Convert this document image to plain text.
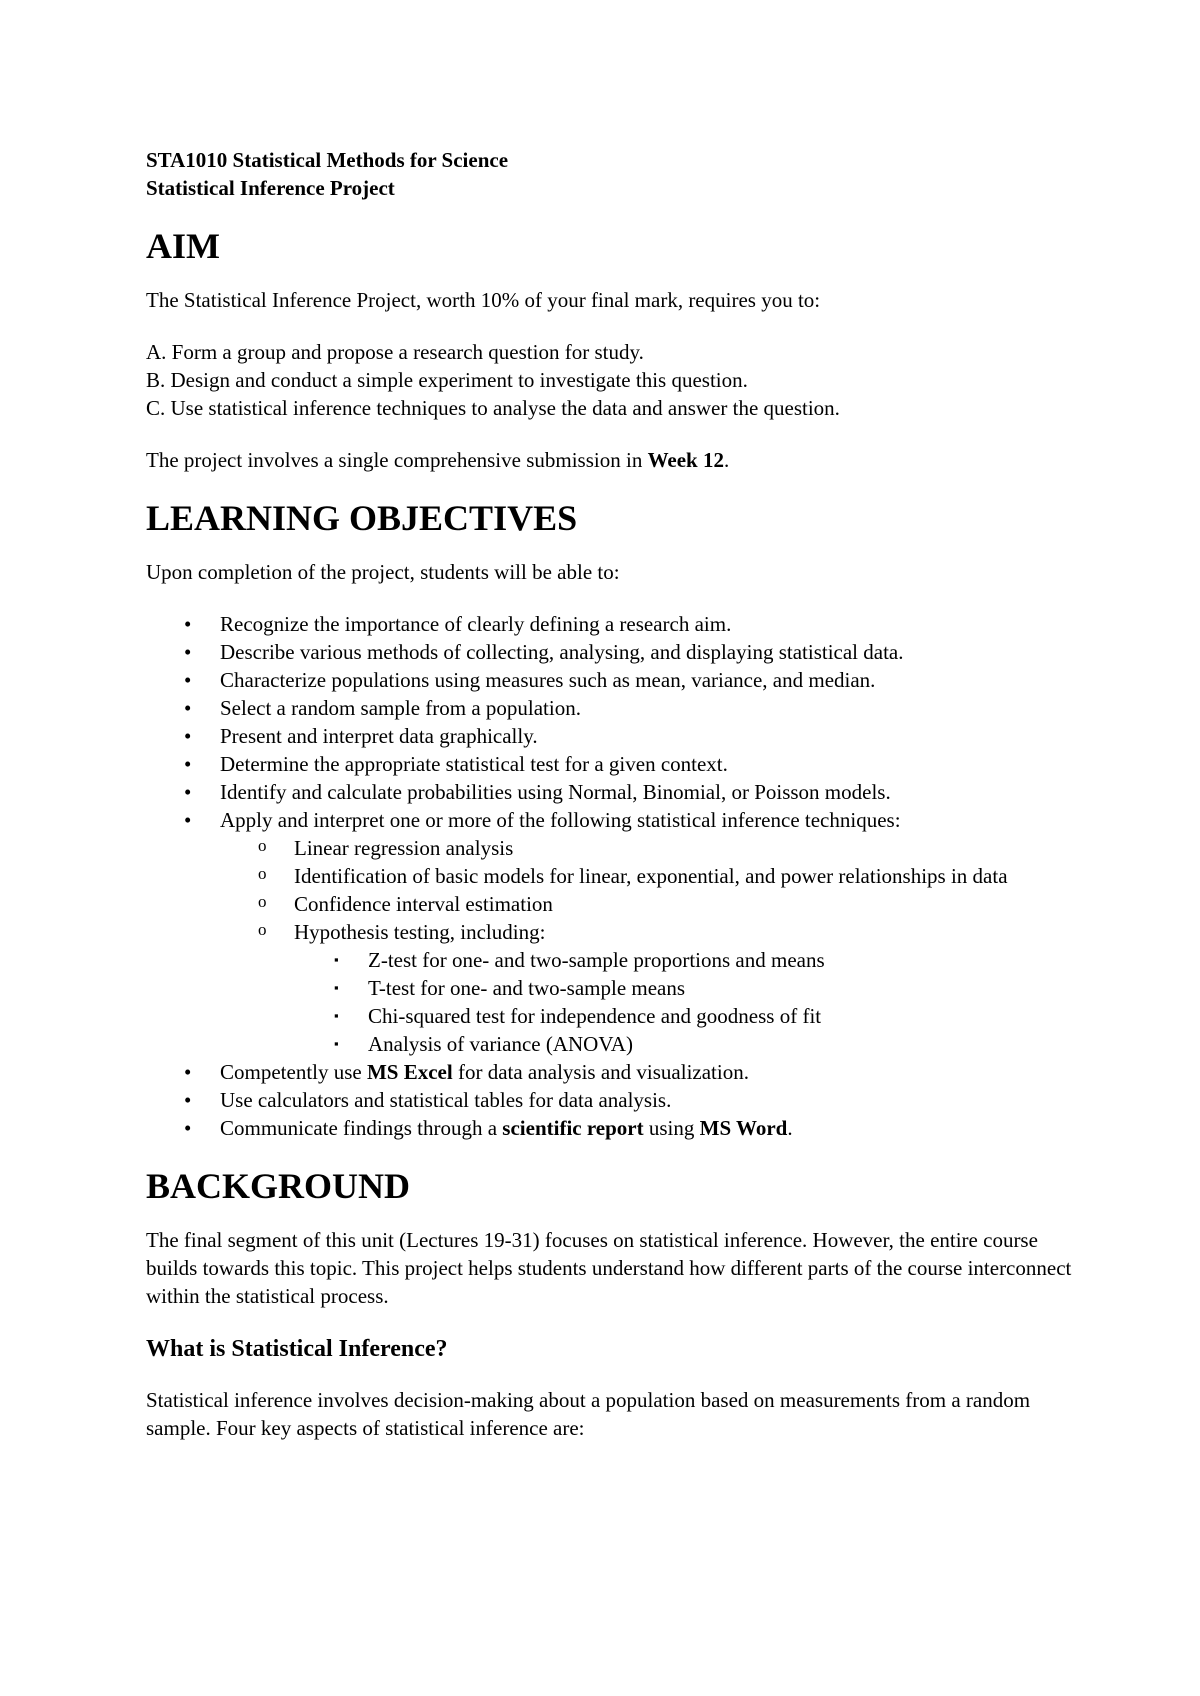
STA1010 Statistical Methods for Science

Statistical Inference Project

AIM

The Statistical Inference Project, worth 10% of your final mark, requires you to:

A. Form a group and propose a research question for study.

B. Design and conduct a simple experiment to investigate this question.

C. Use statistical inference techniques to analyse the data and answer the question.

The project involves a single comprehensive submission in Week 12.

LEARNING OBJECTIVES

Upon completion of the project, students will be able to:

• Recognize the importance of clearly defining a research aim.
• Describe various methods of collecting, analysing, and displaying statistical data.
• Characterize populations using measures such as mean, variance, and median.
• Select a random sample from a population.
• Present and interpret data graphically.
• Determine the appropriate statistical test for a given context.
• Identify and calculate probabilities using Normal, Binomial, or Poisson models.
• Apply and interpret one or more of the following statistical inference techniques:
o Linear regression analysis
o Identification of basic models for linear, exponential, and power relationships in data
o Confidence interval estimation
o Hypothesis testing, including:
▪ Z-test for one- and two-sample proportions and means
▪ T-test for one- and two-sample means
▪ Chi-squared test for independence and goodness of fit
▪ Analysis of variance (ANOVA)
• Competently use MS Excel for data analysis and visualization.
• Use calculators and statistical tables for data analysis.
• Communicate findings through a scientific report using MS Word.
BACKGROUND

The final segment of this unit (Lectures 19-31) focuses on statistical inference. However, the entire course builds towards this topic. This project helps students understand how different parts of the course interconnect within the statistical process.

What is Statistical Inference?

Statistical inference involves decision-making about a population based on measurements from a random sample. Four key aspects of statistical inference are:
